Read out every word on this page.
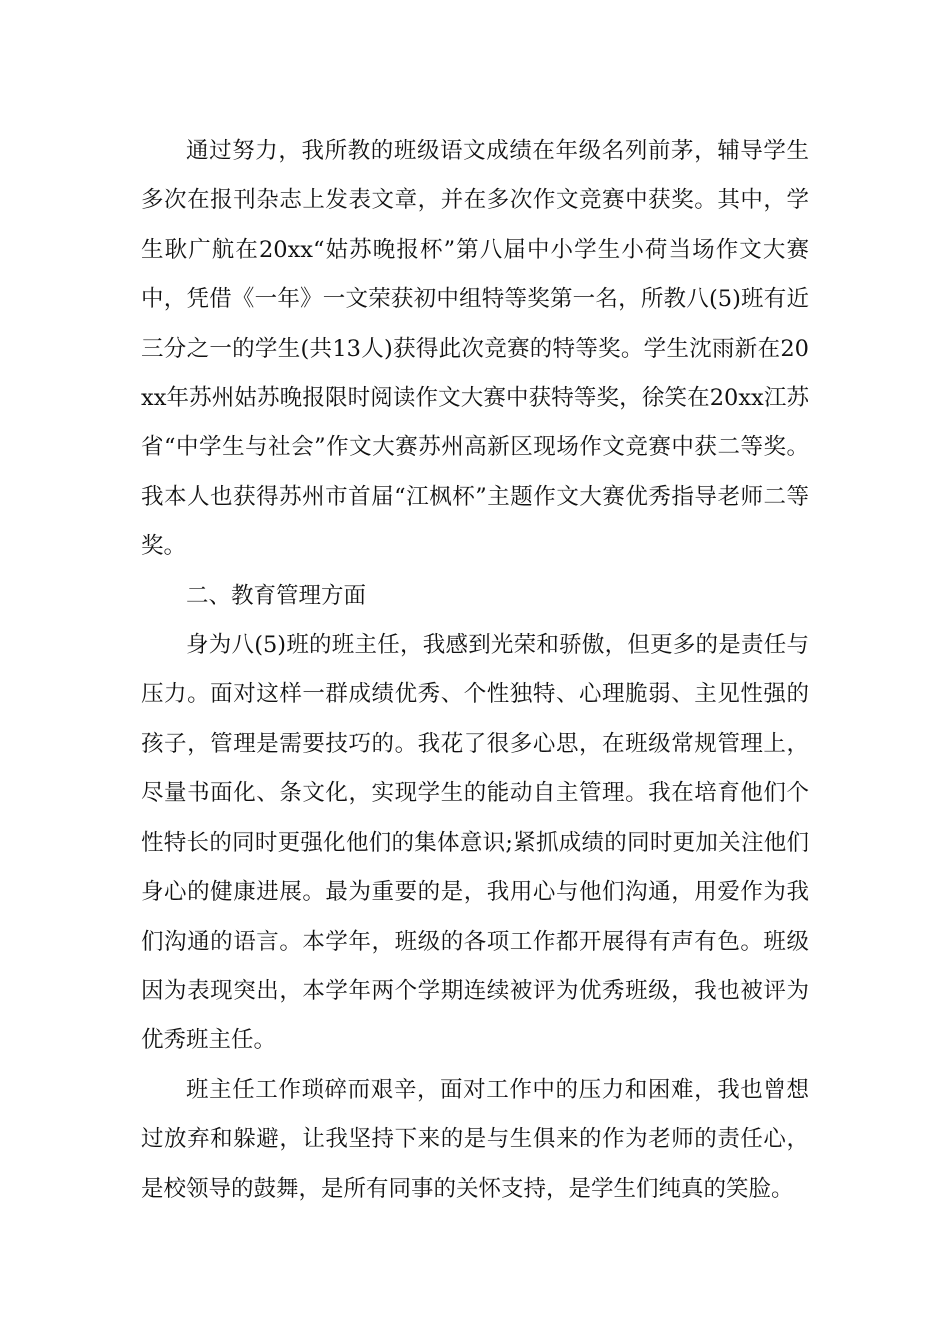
通过努力，我所教的班级语文成绩在年级名列前茅，辅导学生多次在报刊杂志上发表文章，并在多次作文竞赛中获奖。其中，学生耿广航在20xx“姑苏晚报杯”第八届中小学生小荷当场作文大赛中，凭借《一年》一文荣获初中组特等奖第一名，所教八(5)班有近三分之一的学生(共13人)获得此次竞赛的特等奖。学生沈雨新在20xx年苏州姑苏晚报限时阅读作文大赛中获特等奖，徐笑在20xx江苏省“中学生与社会”作文大赛苏州高新区现场作文竞赛中获二等奖。我本人也获得苏州市首届“江枫杯”主题作文大赛优秀指导老师二等奖。

二、教育管理方面

身为八(5)班的班主任，我感到光荣和骄傲，但更多的是责任与压力。面对这样一群成绩优秀、个性独特、心理脆弱、主见性强的孩子，管理是需要技巧的。我花了很多心思，在班级常规管理上，尽量书面化、条文化，实现学生的能动自主管理。我在培育他们个性特长的同时更强化他们的集体意识;紧抓成绩的同时更加关注他们身心的健康进展。最为重要的是，我用心与他们沟通，用爱作为我们沟通的语言。本学年，班级的各项工作都开展得有声有色。班级因为表现突出，本学年两个学期连续被评为优秀班级，我也被评为优秀班主任。

班主任工作琐碎而艰辛，面对工作中的压力和困难，我也曾想过放弃和躲避，让我坚持下来的是与生俱来的作为老师的责任心，是校领导的鼓舞，是所有同事的关怀支持，是学生们纯真的笑脸。
